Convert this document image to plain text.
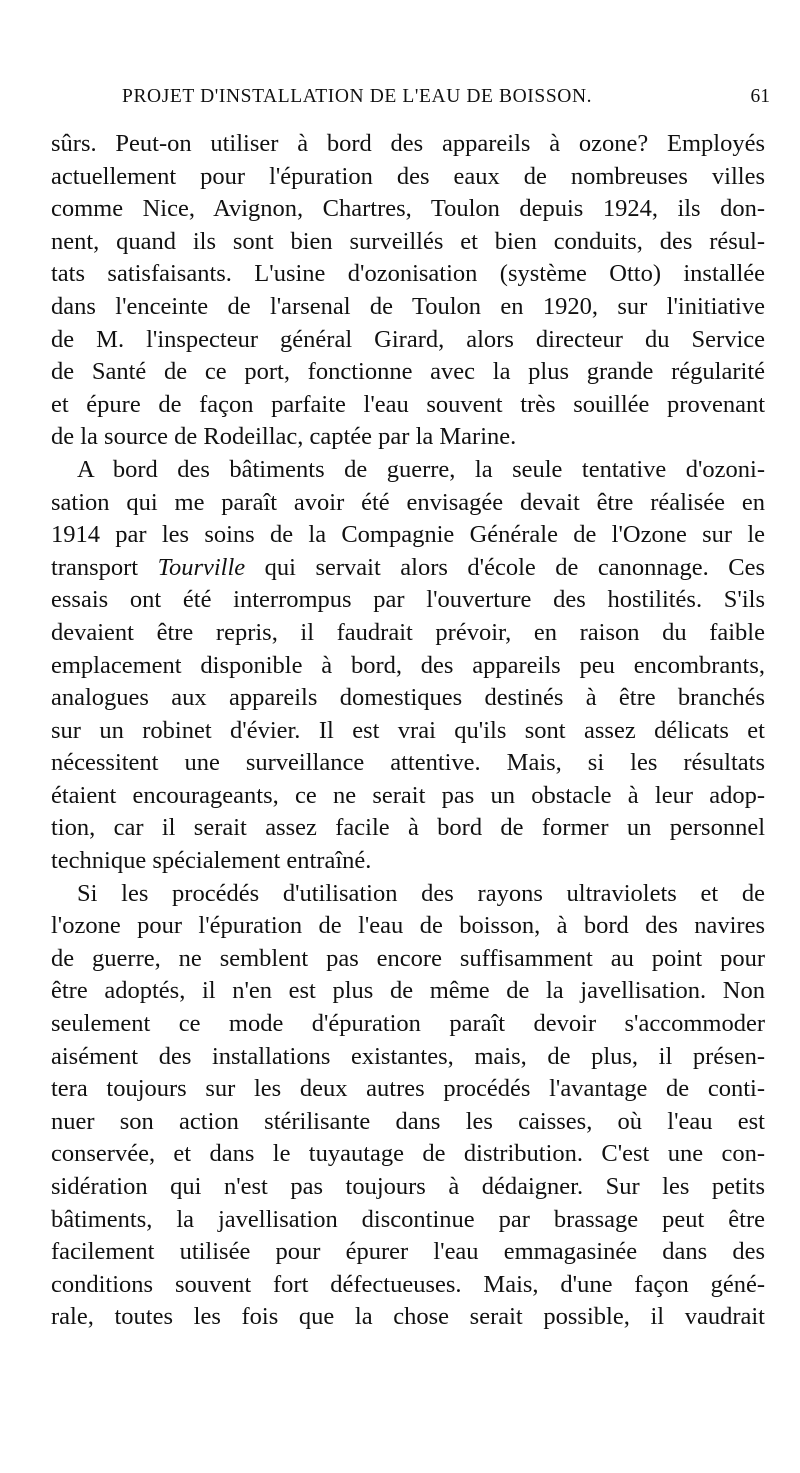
PROJET D'INSTALLATION DE L'EAU DE BOISSON.	61
sûrs. Peut-on utiliser à bord des appareils à ozone? Employés
actuellement pour l'épuration des eaux de nombreuses villes
comme Nice, Avignon, Chartres, Toulon depuis 1924, ils don-
nent, quand ils sont bien surveillés et bien conduits, des résul-
tats satisfaisants. L'usine d'ozonisation (système Otto) installée
dans l'enceinte de l'arsenal de Toulon en 1920, sur l'initiative
de M. l'inspecteur général Girard, alors directeur du Service
de Santé de ce port, fonctionne avec la plus grande régularité
et épure de façon parfaite l'eau souvent très souillée provenant
de la source de Rodeillac, captée par la Marine.
A bord des bâtiments de guerre, la seule tentative d'ozoni-
sation qui me paraît avoir été envisagée devait être réalisée en
1914 par les soins de la Compagnie Générale de l'Ozone sur le
transport Tourville qui servait alors d'école de canonnage. Ces
essais ont été interrompus par l'ouverture des hostilités. S'ils
devaient être repris, il faudrait prévoir, en raison du faible
emplacement disponible à bord, des appareils peu encombrants,
analogues aux appareils domestiques destinés à être branchés
sur un robinet d'évier. Il est vrai qu'ils sont assez délicats et
nécessitent une surveillance attentive. Mais, si les résultats
étaient encourageants, ce ne serait pas un obstacle à leur adop-
tion, car il serait assez facile à bord de former un personnel
technique spécialement entraîné.
Si les procédés d'utilisation des rayons ultraviolets et de
l'ozone pour l'épuration de l'eau de boisson, à bord des navires
de guerre, ne semblent pas encore suffisamment au point pour
être adoptés, il n'en est plus de même de la javellisation. Non
seulement ce mode d'épuration paraît devoir s'accommoder
aisément des installations existantes, mais, de plus, il présen-
tera toujours sur les deux autres procédés l'avantage de conti-
nuer son action stérilisante dans les caisses, où l'eau est
conservée, et dans le tuyautage de distribution. C'est une con-
sidération qui n'est pas toujours à dédaigner. Sur les petits
bâtiments, la javellisation discontinue par brassage peut être
facilement utilisée pour épurer l'eau emmagasinée dans des
conditions souvent fort défectueuses. Mais, d'une façon géné-
rale, toutes les fois que la chose serait possible, il vaudrait
